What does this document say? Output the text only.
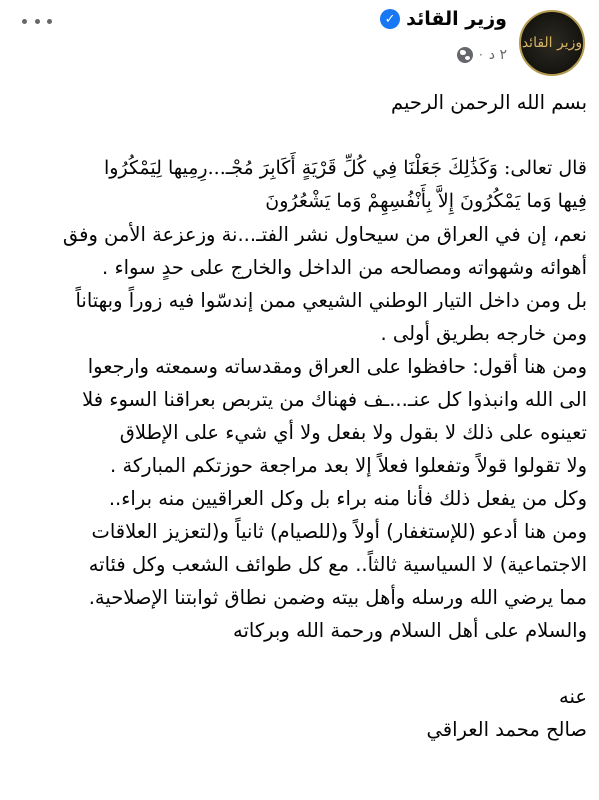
وزير القائد
وزير القائد
✓
٢ د
·

بسم الله الرحمن الرحيم

قال تعالى: وَكَذَٰلِكَ جَعَلْنَا فِي كُلِّ قَرْيَةٍ أَكَابِرَ مُجْـ...رِمِيها لِيَمْكُرُوا

فِيها وَما يَمْكُرُونَ إِلاَّ بِأَنْفُسِهِمْ وَما يَشْعُرُونَ

نعم، إن في العراق من سيحاول نشر الفتـ...نة وزعزعة الأمن وفق

أهوائه وشهواته ومصالحه من الداخل والخارج على حدٍ سواء .

بل ومن داخل التيار الوطني الشيعي ممن إندسّوا فيه زوراً وبهتاناً

ومن خارجه بطريق أولى .

ومن هنا أقول: حافظوا على العراق ومقدساته وسمعته وارجعوا

الى الله وانبذوا كل عنـ...ـف فهناك من يتربص بعراقنا السوء فلا

تعينوه على ذلك لا بقول ولا بفعل ولا أي شيء على الإطلاق

ولا تقولوا قولاً وتفعلوا فعلاً إلا بعد مراجعة حوزتكم المباركة .

وكل من يفعل ذلك فأنا منه براء بل وكل العراقيين منه براء..

ومن هنا أدعو (للإستغفار) أولاً و(للصيام) ثانياً و(لتعزيز العلاقات

الاجتماعية) لا السياسية ثالثاً.. مع كل طوائف الشعب وكل فئاته

مما يرضي الله ورسله وأهل بيته وضمن نطاق ثوابتنا الإصلاحية.

والسلام على أهل السلام ورحمة الله وبركاته

عنه

صالح محمد العراقي
